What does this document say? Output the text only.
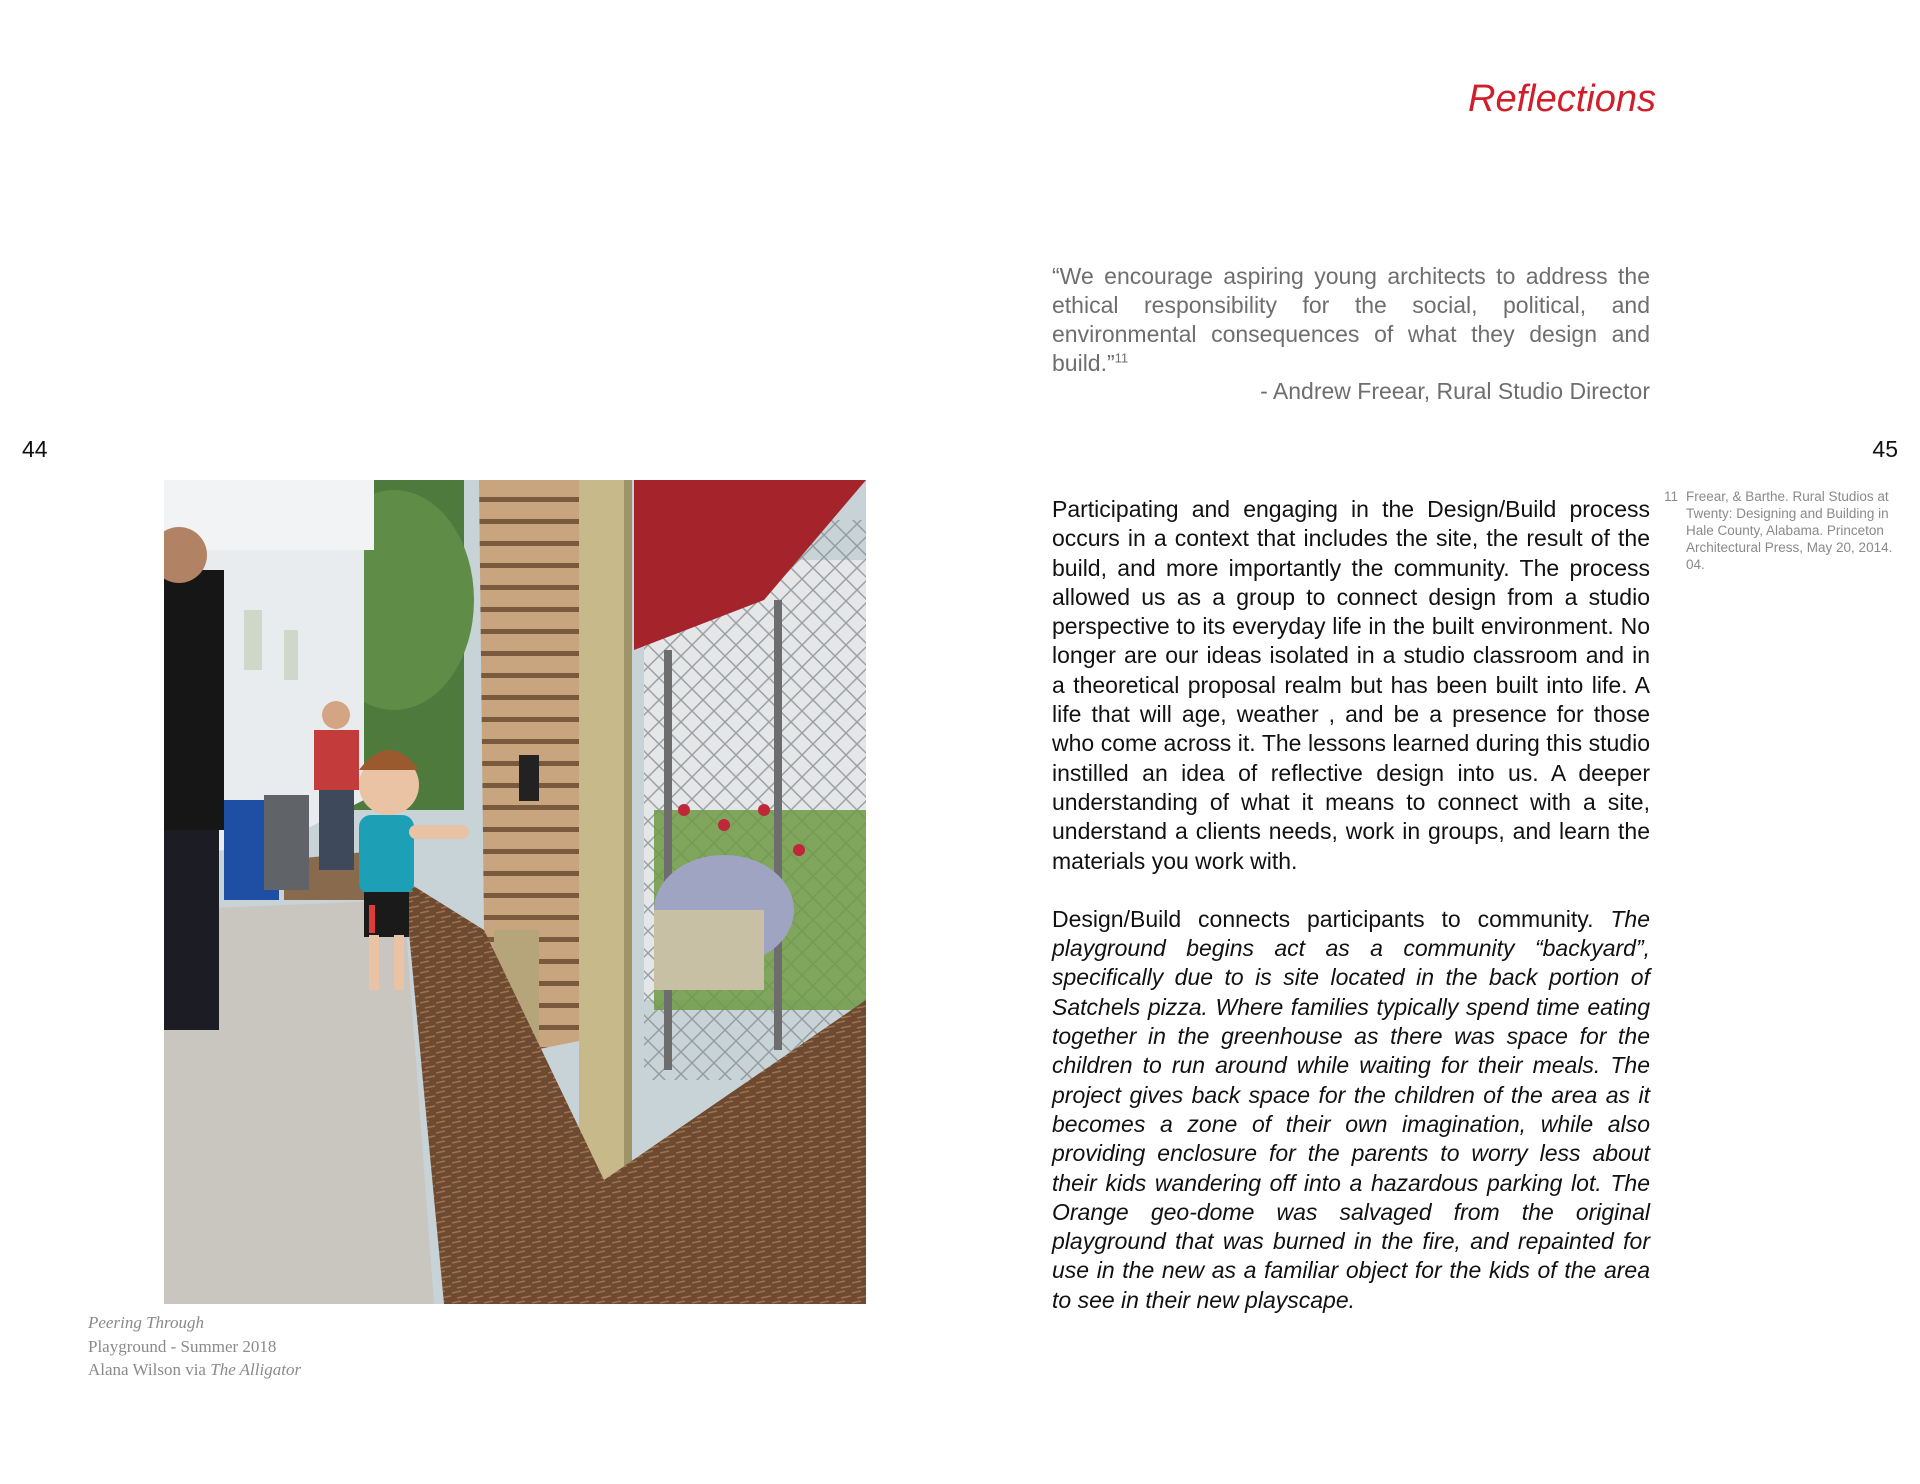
44	45
Reflections
“We encourage aspiring young architects to address the ethical responsibility for the social, political, and environmental consequences of what they design and build.”$^{11}$
- Andrew Freear, Rural Studio Director

Participating and engaging in the Design/Build process occurs in a context that includes the site, the result of the build, and more importantly the community. The process allowed us as a group to connect design from a studio perspective to its everyday life in the built environment. No longer are our ideas isolated in a studio classroom and in a theoretical proposal realm but has been built into life. A life that will age, weather , and be a presence for those who come across it. The lessons learned during this studio instilled an idea of reflective design into us. A deeper understanding of what it means to connect with a site, understand a clients needs, work in groups, and learn the materials you work with.

Design/Build connects participants to community. The playground begins act as a community “backyard”, specifically due to is site located in the back portion of Satchels pizza. Where families typically spend time eating together in the greenhouse as there was space for the children to run around while waiting for their meals. The project gives back space for the children of the area as it becomes a zone of their own imagination, while also providing enclosure for the parents to worry less about their kids wandering off into a hazardous parking lot. The Orange geo-dome was salvaged from the original playground that was burned in the fire, and repainted for use in the new as a familiar object for the kids of the area to see in their new playscape.

11 Freear, & Barthe. Rural Studios at Twenty: Designing and Building in Hale County, Alabama. Princeton Architectural Press, May 20, 2014. 04.
Peering Through
Playground - Summer 2018
Alana Wilson via The Alligator
